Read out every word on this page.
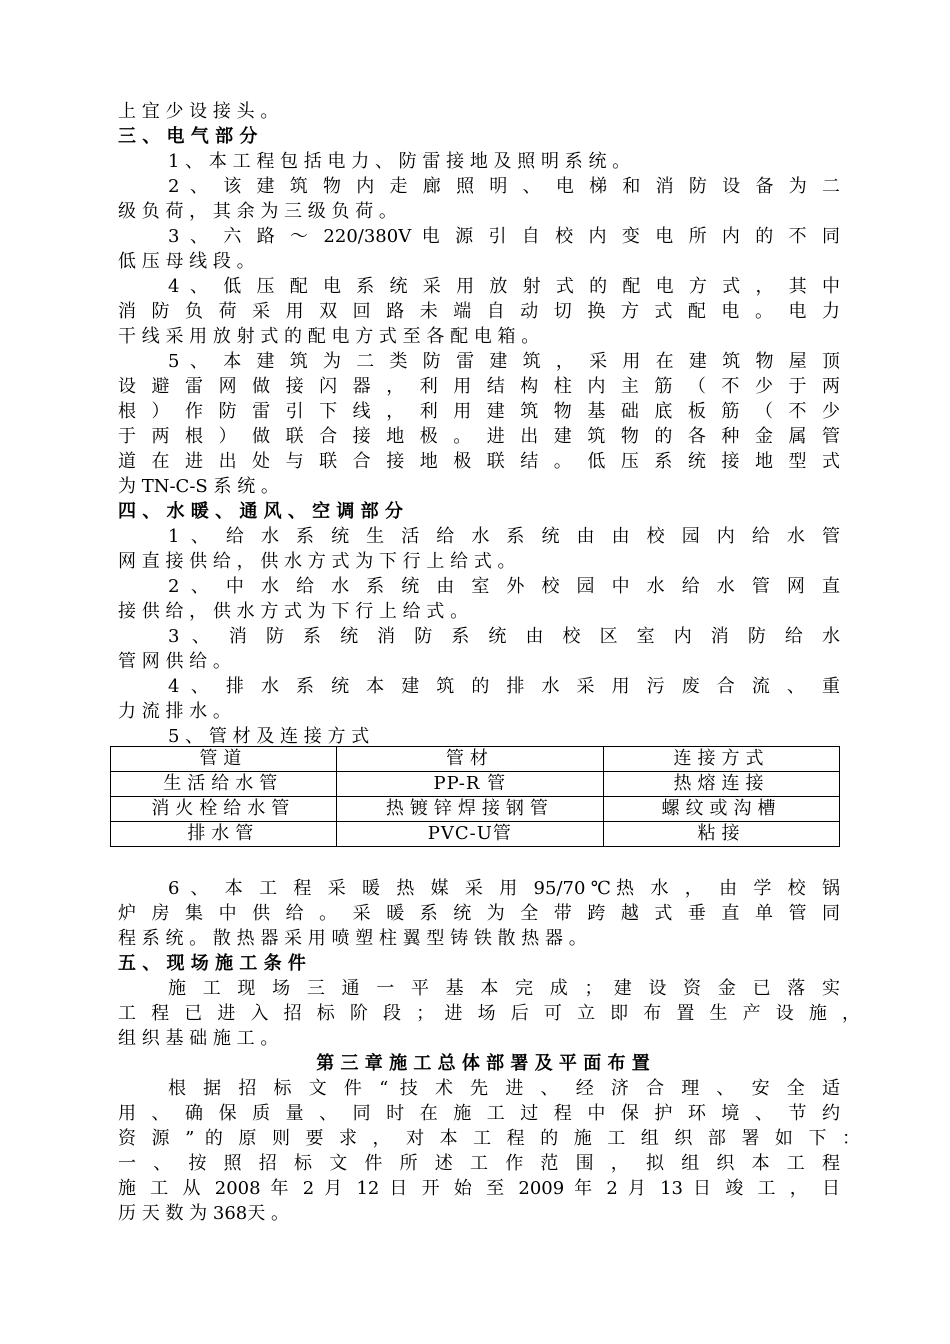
上 宜 少 设 接 头 。
三 、 电 气 部 分
1 、 本 工 程 包 括 电 力 、 防 雷 接 地 及 照 明 系 统 。
2 、 该 建 筑 物 内 走 廊 照 明 、 电 梯 和 消 防 设 备 为 二
级 负 荷 ， 其 余 为 三 级 负 荷 。
3 、 六 路 ～ 220/380V 电 源 引 自 校 内 变 电 所 内 的 不 同
低 压 母 线 段 。
4 、 低 压 配 电 系 统 采 用 放 射 式 的 配 电 方 式 ， 其 中
消 防 负 荷 采 用 双 回 路 未 端 自 动 切 换 方 式 配 电 。 电 力
干 线 采 用 放 射 式 的 配 电 方 式 至 各 配 电 箱 。
5 、 本 建 筑 为 二 类 防 雷 建 筑 ， 采 用 在 建 筑 物 屋 顶
设 避 雷 网 做 接 闪 器 ， 利 用 结 构 柱 内 主 筋 （ 不 少 于 两
根 ） 作 防 雷 引 下 线 ， 利 用 建 筑 物 基 础 底 板 筋 （ 不 少
于 两 根 ） 做 联 合 接 地 极 。 进 出 建 筑 物 的 各 种 金 属 管
道 在 进 出 处 与 联 合 接 地 极 联 结 。 低 压 系 统 接 地 型 式
为 TN-C-S 系 统 。
四 、 水 暖 、 通 风 、 空 调 部 分
1 、 给 水 系 统 生 活 给 水 系 统 由 由 校 园 内 给 水 管
网 直 接 供 给 ， 供 水 方 式 为 下 行 上 给 式 。
2 、 中 水 给 水 系 统 由 室 外 校 园 中 水 给 水 管 网 直
接 供 给 ， 供 水 方 式 为 下 行 上 给 式 。
3 、 消 防 系 统 消 防 系 统 由 校 区 室 内 消 防 给 水
管 网 供 给 。
4 、 排 水 系 统 本 建 筑 的 排 水 采 用 污 废 合 流 、 重
力 流 排 水 。
5 、 管 材 及 连 接 方 式
管道	管材	连接方式
生活给水管	PP-R 管	热熔连接
消火栓给水管	热镀锌焊接钢管	螺纹或沟槽
排水管	PVC-U管	粘接
6 、 本 工 程 采 暖 热 媒 采 用 95/70℃热 水 ， 由 学 校 锅
炉 房 集 中 供 给 。 采 暖 系 统 为 全 带 跨 越 式 垂 直 单 管 同
程 系 统 。 散 热 器 采 用 喷 塑 柱 翼 型 铸 铁 散 热 器 。
五 、 现 场 施 工 条 件
施 工 现 场 三 通 一 平 基 本 完 成 ； 建 设 资 金 已 落 实
工 程 已 进 入 招 标 阶 段 ； 进 场 后 可 立 即 布 置 生 产 设 施 ，
组 织 基 础 施 工 。
第 三 章 施 工 总 体 部 署 及 平 面 布 置
根 据 招 标 文 件 “ 技 术 先 进 、 经 济 合 理 、 安 全 适
用 、 确 保 质 量 、 同 时 在 施 工 过 程 中 保 护 环 境 、 节 约
资 源 ” 的 原 则 要 求 ， 对 本 工 程 的 施 工 组 织 部 署 如 下 ：
一 、 按 照 招 标 文 件 所 述 工 作 范 围 ， 拟 组 织 本 工 程
施 工 从 2008 年 2 月 12 日 开 始 至 2009 年 2 月 13 日 竣 工 ， 日
历 天 数 为 368天 。
